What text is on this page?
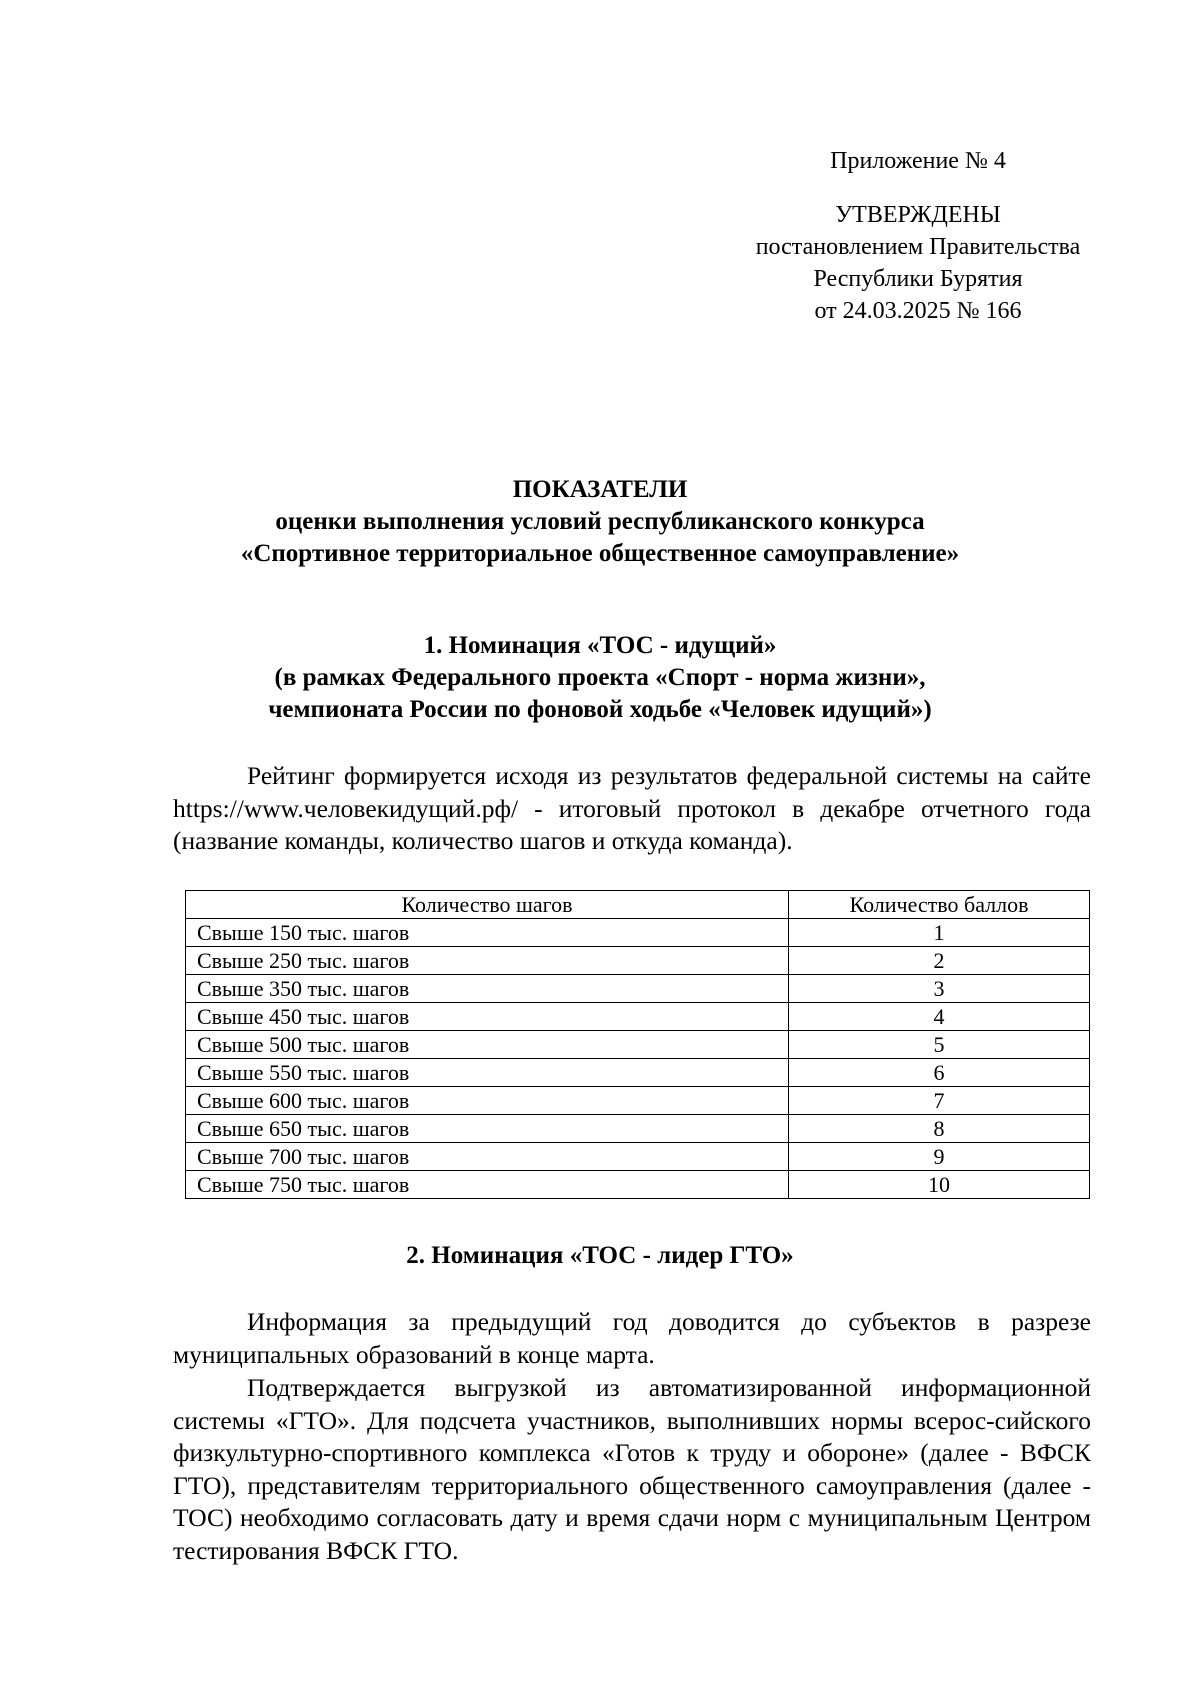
Приложение № 4

УТВЕРЖДЕНЫ

постановлением Правительства

Республики Бурятия

от 24.03.2025 № 166

ПОКАЗАТЕЛИ

оценки выполнения условий республиканского конкурса

«Спортивное территориальное общественное самоуправление»

1. Номинация «ТОС - идущий»

(в рамках Федерального проекта «Спорт - норма жизни»,

чемпионата России по фоновой ходьбе «Человек идущий»)

Рейтинг формируется исходя из результатов федеральной системы на сайте https://www.человекидущий.рф/ - итоговый протокол в декабре отчетного года (название команды, количество шагов и откуда команда).

Количество шагов	Количество баллов
Свыше 150 тыс. шагов	1
Свыше 250 тыс. шагов	2
Свыше 350 тыс. шагов	3
Свыше 450 тыс. шагов	4
Свыше 500 тыс. шагов	5
Свыше 550 тыс. шагов	6
Свыше 600 тыс. шагов	7
Свыше 650 тыс. шагов	8
Свыше 700 тыс. шагов	9
Свыше 750 тыс. шагов	10

2. Номинация «ТОС - лидер ГТО»

Информация за предыдущий год доводится до субъектов в разрезе муниципальных образований в конце марта.

Подтверждается выгрузкой из автоматизированной информационной системы «ГТО». Для подсчета участников, выполнивших нормы всерос-сийского физкультурно-спортивного комплекса «Готов к труду и обороне» (далее - ВФСК ГТО), представителям территориального общественного самоуправления (далее - ТОС) необходимо согласовать дату и время сдачи норм с муниципальным Центром тестирования ВФСК ГТО.
